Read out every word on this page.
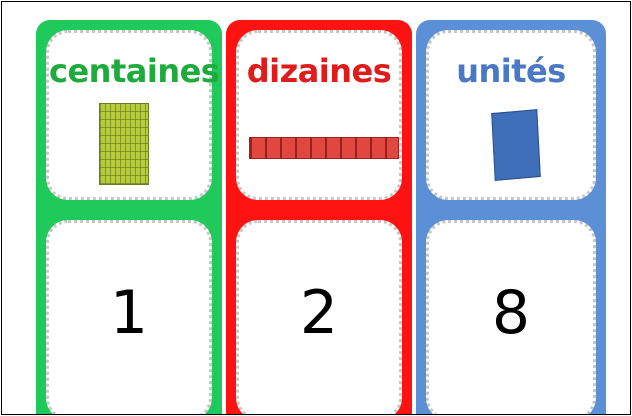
centaines
1
dizaines
2
unités
8
